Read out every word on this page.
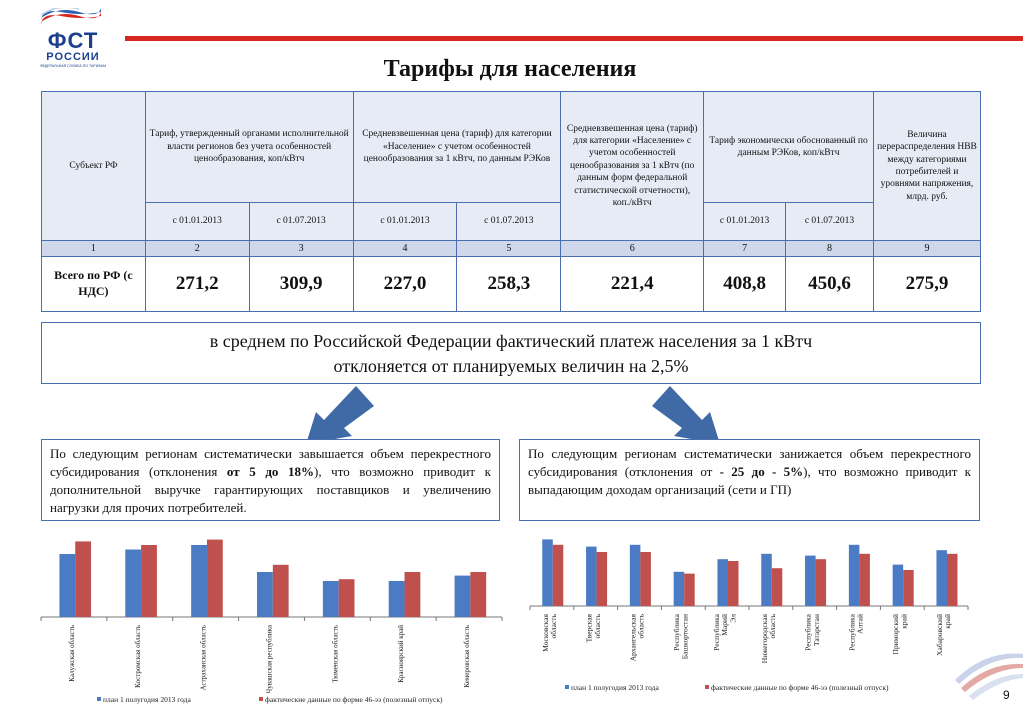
ФСТ
РОССИИ
ФЕДЕРАЛЬНАЯ СЛУЖБА ПО ТАРИФАМ	Тарифы для населения
Субъект РФ	Тариф, утвержденный органами исполнительной власти регионов без учета особенностей ценообразования, коп/кВтч		Средневзвешенная цена (тариф) для категории «Население» с учетом особенностей ценообразования за 1 кВтч, по данным РЭКов		Средневзвешенная цена (тариф) для категории «Население» с учетом особенностей ценообразования за 1 кВтч (по данным форм федеральной статистической отчетности), коп./кВтч	Тариф экономически обоснованный по данным РЭКов, коп/кВтч		Величина перераспределения НВВ между категориями потребителей и уровнями напряжения, млрд. руб.
	с 01.01.2013	с 01.07.2013	с 01.01.2013	с 01.07.2013		с 01.01.2013	с 01.07.2013	
1	2	3	4	5	6	7	8	9
Всего по РФ (с НДС)	271,2	309,9	227,0	258,3	221,4	408,8	450,6	275,9
в среднем по Российской Федерации фактический платеж населения за 1 кВтч
отклоняется от планируемых величин на 2,5%
По следующим регионам систематически завышается объем перекрестного субсидирования (отклонения от 5 до 18%), что возможно приводит к дополнительной выручке гарантирующих поставщиков и увеличению нагрузки для прочих потребителей.
По следующим регионам систематически занижается объем перекрестного субсидирования (отклонения от - 25 до - 5%), что возможно приводит к выпадающим доходам организаций (сети и ГП)
Калужская область	Костромская область	Астраханская область	Чувашская республика	Тюменская область	Красноярский край	Кемеровская область
план 1 полугодия 2013 года	фактические данные по форме 46-ээ (полезный отпуск)
Московскаяобласть	Тверскаяобласть	Архангельскаяобласть	РеспубликаБашкортостан	РеспубликаМарийЭл	Нижегородскаяобласть	РеспубликаТатарстан	РеспубликаАлтай	Приморскийкрай	Хабаровскийкрай
план 1 полугодия 2013 года	фактические данные по форме 46-ээ (полезный отпуск)
9
